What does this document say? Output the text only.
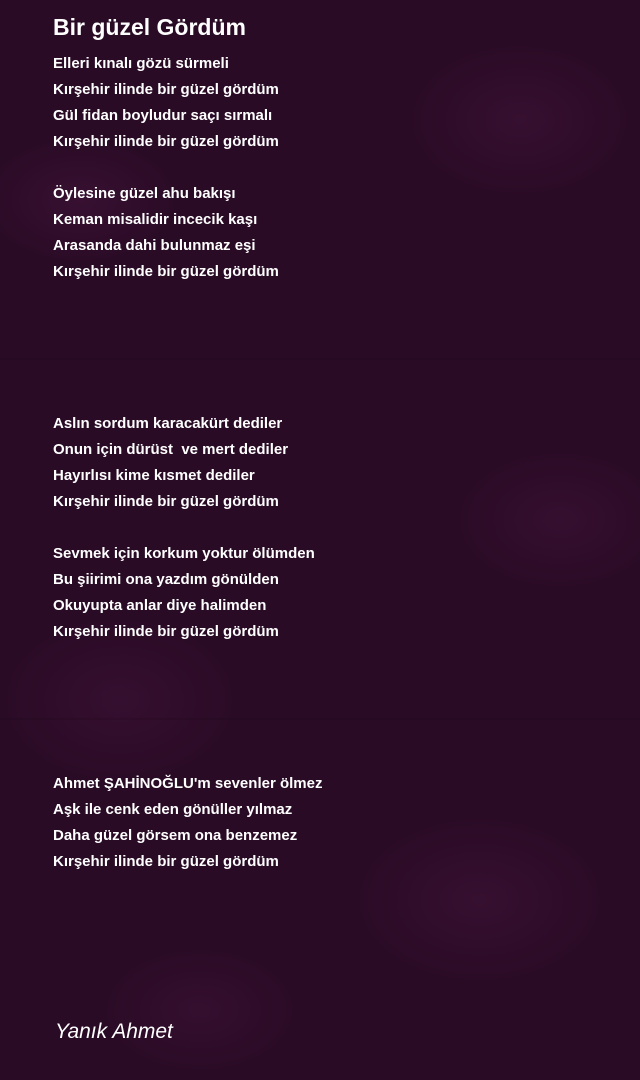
Bir güzel Gördüm
Elleri kınalı gözü sürmeli
Kırşehir ilinde bir güzel gördüm
Gül fidan boyludur saçı sırmalı
Kırşehir ilinde bir güzel gördüm
Öylesine güzel ahu bakışı
Keman misalidir incecik kaşı
Arasanda dahi bulunmaz eşi
Kırşehir ilinde bir güzel gördüm
Aslın sordum karacakürt dediler
Onun için dürüst  ve mert dediler
Hayırlısı kime kısmet dediler
Kırşehir ilinde bir güzel gördüm
Sevmek için korkum yoktur ölümden
Bu şiirimi ona yazdım gönülden
Okuyupta anlar diye halimden
Kırşehir ilinde bir güzel gördüm
Ahmet ŞAHİNOĞLU'm sevenler ölmez
Aşk ile cenk eden gönüller yılmaz
Daha güzel görsem ona benzemez
Kırşehir ilinde bir güzel gördüm

Yanık Ahmet
